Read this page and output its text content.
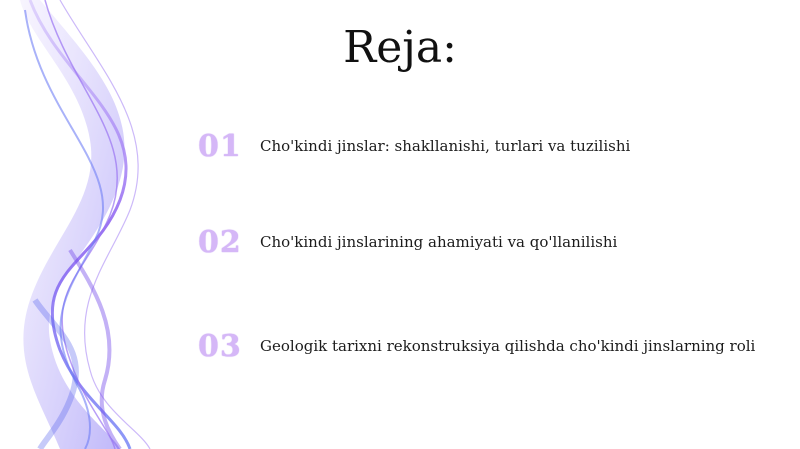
Reja:
01	Cho'kindi jinslar: shakllanishi, turlari va tuzilishi
02	Cho'kindi jinslarining ahamiyati va qo'llanilishi
03	Geologik tarixni rekonstruksiya qilishda cho'kindi jinslarning roli
